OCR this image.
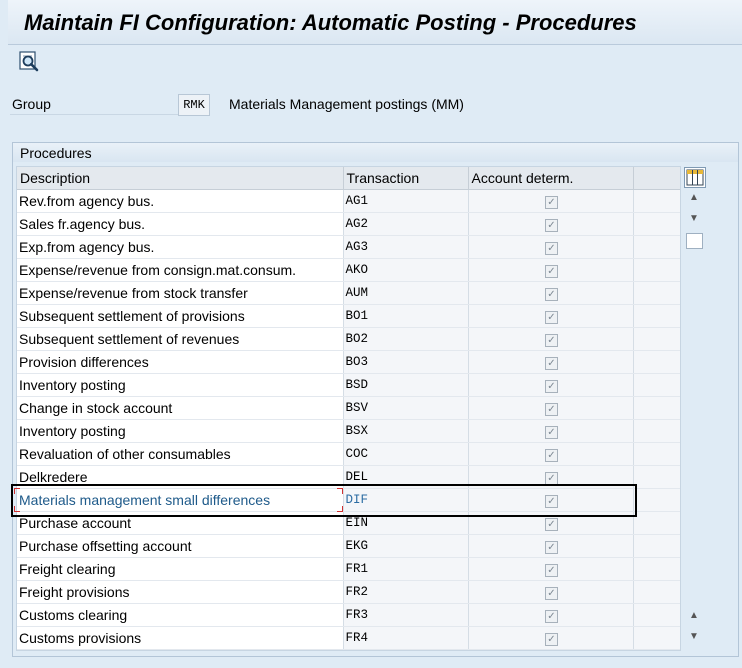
Maintain FI Configuration: Automatic Posting - Procedures
Group	RMK	Materials Management postings (MM)
Procedures
Description	Transaction	Account determ.	
Rev.from agency bus.	AG1	✓	
Sales fr.agency bus.	AG2	✓	
Exp.from agency bus.	AG3	✓	
Expense/revenue from consign.mat.consum.	AKO	✓	
Expense/revenue from stock transfer	AUM	✓	
Subsequent settlement of provisions	BO1	✓	
Subsequent settlement of revenues	BO2	✓	
Provision differences	BO3	✓	
Inventory posting	BSD	✓	
Change in stock account	BSV	✓	
Inventory posting	BSX	✓	
Revaluation of other consumables	COC	✓	
Delkredere	DEL	✓	
Materials management small differences	DIF	✓	
Purchase account	EIN	✓	
Purchase offsetting account	EKG	✓	
Freight clearing	FR1	✓	
Freight provisions	FR2	✓	
Customs clearing	FR3	✓	
Customs provisions	FR4	✓	
▲
▼
▲
▼
